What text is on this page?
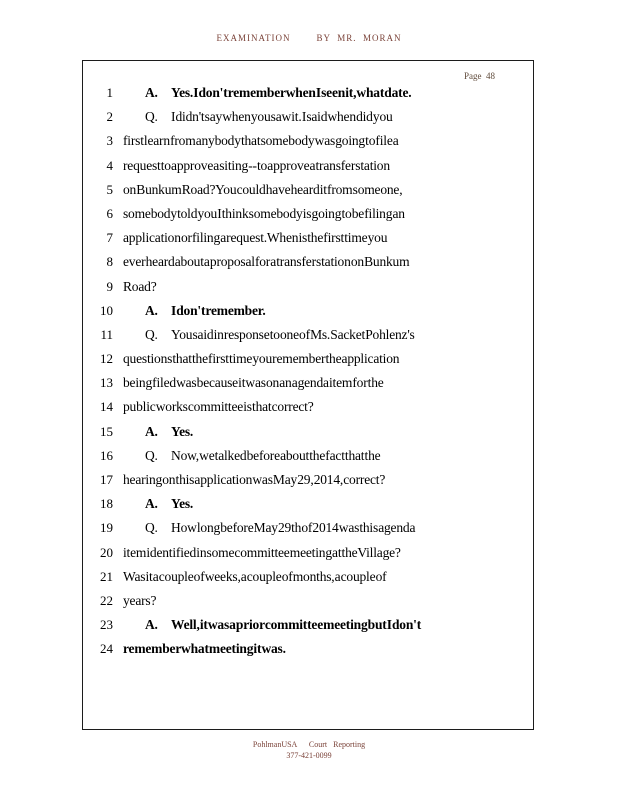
EXAMINATION        BY  MR.  MORAN
Page  48
1 A. Yes. I don't remember when I seen it, what date.
2 Q. I didn't say when you saw it.  I said when did you
3 first learn from anybody that somebody was going to file a
4 request to approve a siting -- to approve a transfer station
5 on Bunkum Road?  You could have heard it from someone,
6 somebody told you I think somebody is going to be filing an
7 application or filing a request. When is the first time you
8 ever heard about a proposal for a transfer station on Bunkum
9 Road?
10 A. I don't remember.
11 Q. You said in response to one of Ms. Sacket Pohlenz's
12 questions that the first time you remember the application
13 being filed was because it was on an agenda item for the
14 public works committee is that correct?
15 A. Yes.
16 Q. Now, we talked before about the fact that the
17 hearing on this application was May 29, 2014, correct?
18 A. Yes.
19 Q. How long before May 29th of 2014 was this agenda
20 item identified in some committee meeting at the Village?
21 Was it a couple of weeks, a couple of months, a couple of
22 years?
23 A. Well, it was a prior committee meeting but I don't
24 remember what meeting it was.
PohlmanUSA      Court   Reporting
377-421-0099
